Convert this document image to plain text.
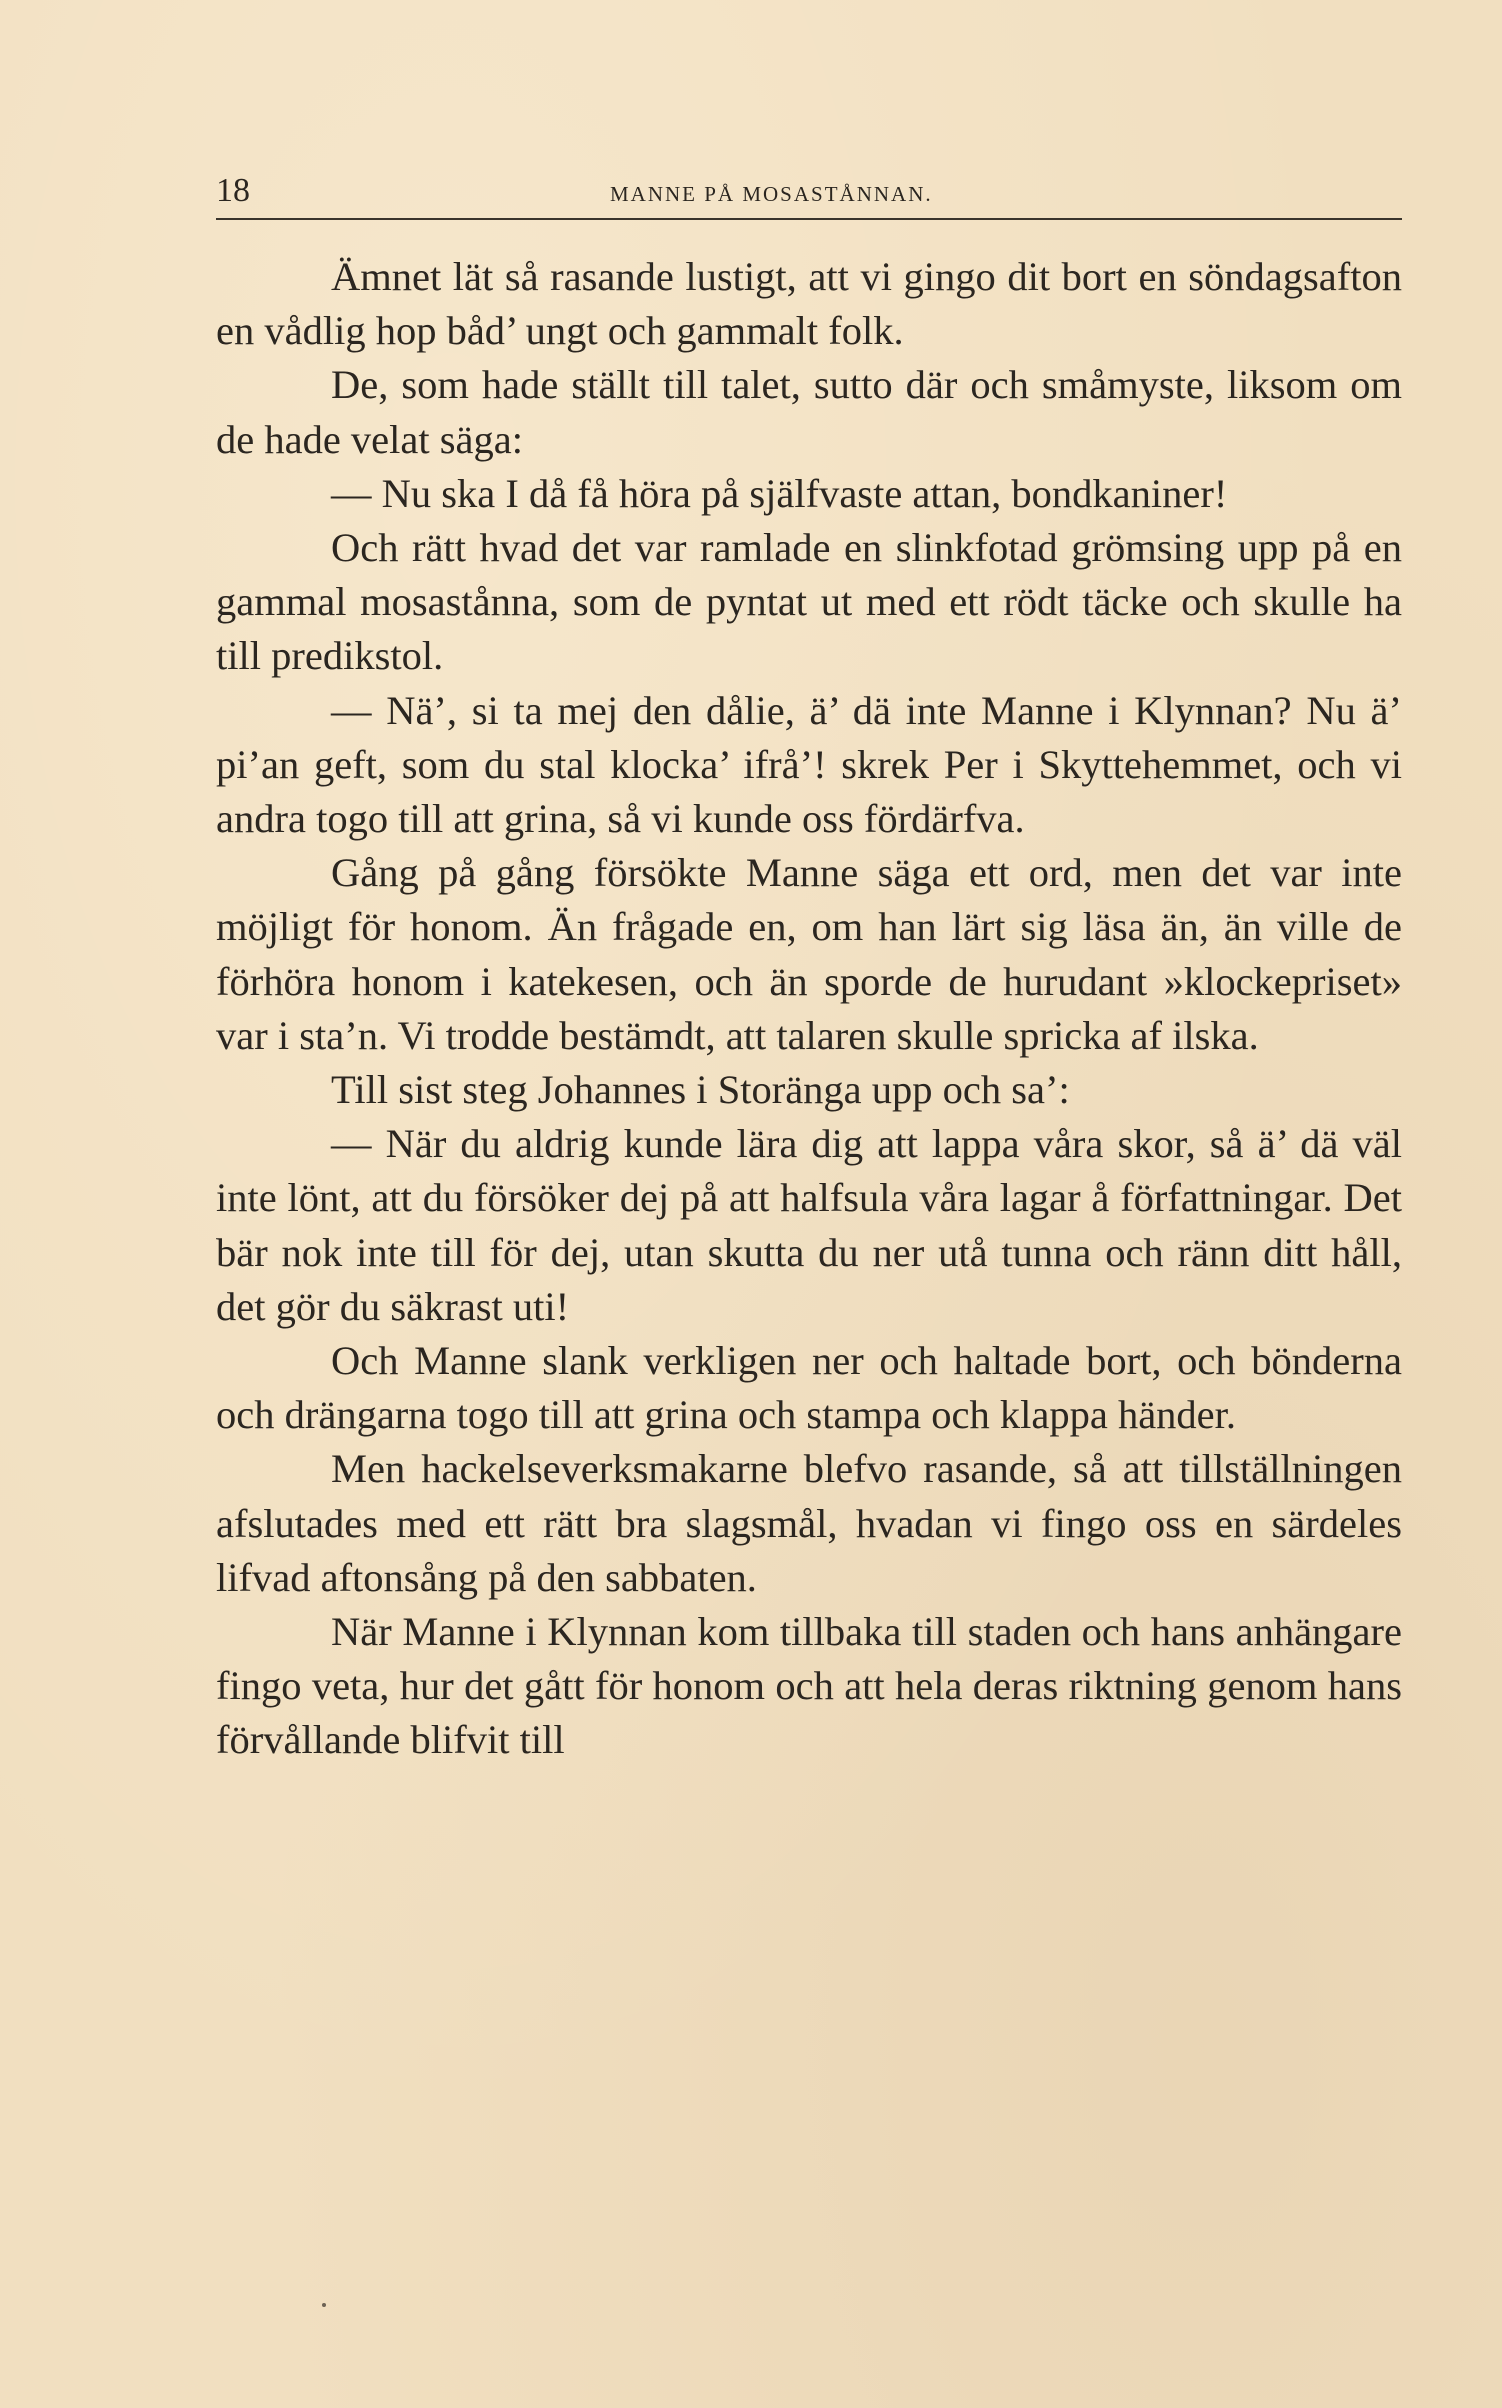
18	MANNE PÅ MOSASTÅNNAN.

Ämnet lät så rasande lustigt, att vi gingo dit bort en söndagsafton en vådlig hop båd’ ungt och gammalt folk.

De, som hade ställt till talet, sutto där och småmyste, liksom om de hade velat säga:

— Nu ska I då få höra på själfvaste attan, bondkaniner!

Och rätt hvad det var ramlade en slinkfotad grömsing upp på en gammal mosastånna, som de pyntat ut med ett rödt täcke och skulle ha till predikstol.

— Nä’, si ta mej den dålie, ä’ dä inte Manne i Klynnan? Nu ä’ pi’an geft, som du stal klocka’ ifrå’! skrek Per i Skyttehemmet, och vi andra togo till att grina, så vi kunde oss fördärfva.

Gång på gång försökte Manne säga ett ord, men det var inte möjligt för honom. Än frågade en, om han lärt sig läsa än, än ville de förhöra honom i katekesen, och än sporde de hurudant »klockepriset» var i sta’n. Vi trodde bestämdt, att talaren skulle spricka af ilska.

Till sist steg Johannes i Storänga upp och sa’:

— När du aldrig kunde lära dig att lappa våra skor, så ä’ dä väl inte lönt, att du försöker dej på att halfsula våra lagar å författningar. Det bär nok inte till för dej, utan skutta du ner utå tunna och ränn ditt håll, det gör du säkrast uti!

Och Manne slank verkligen ner och haltade bort, och bönderna och drängarna togo till att grina och stampa och klappa händer.

Men hackelseverksmakarne blefvo rasande, så att tillställningen afslutades med ett rätt bra slagsmål, hvadan vi fingo oss en särdeles lifvad aftonsång på den sabbaten.

När Manne i Klynnan kom tillbaka till staden och hans anhängare fingo veta, hur det gått för honom och att hela deras riktning genom hans förvållande blifvit till
